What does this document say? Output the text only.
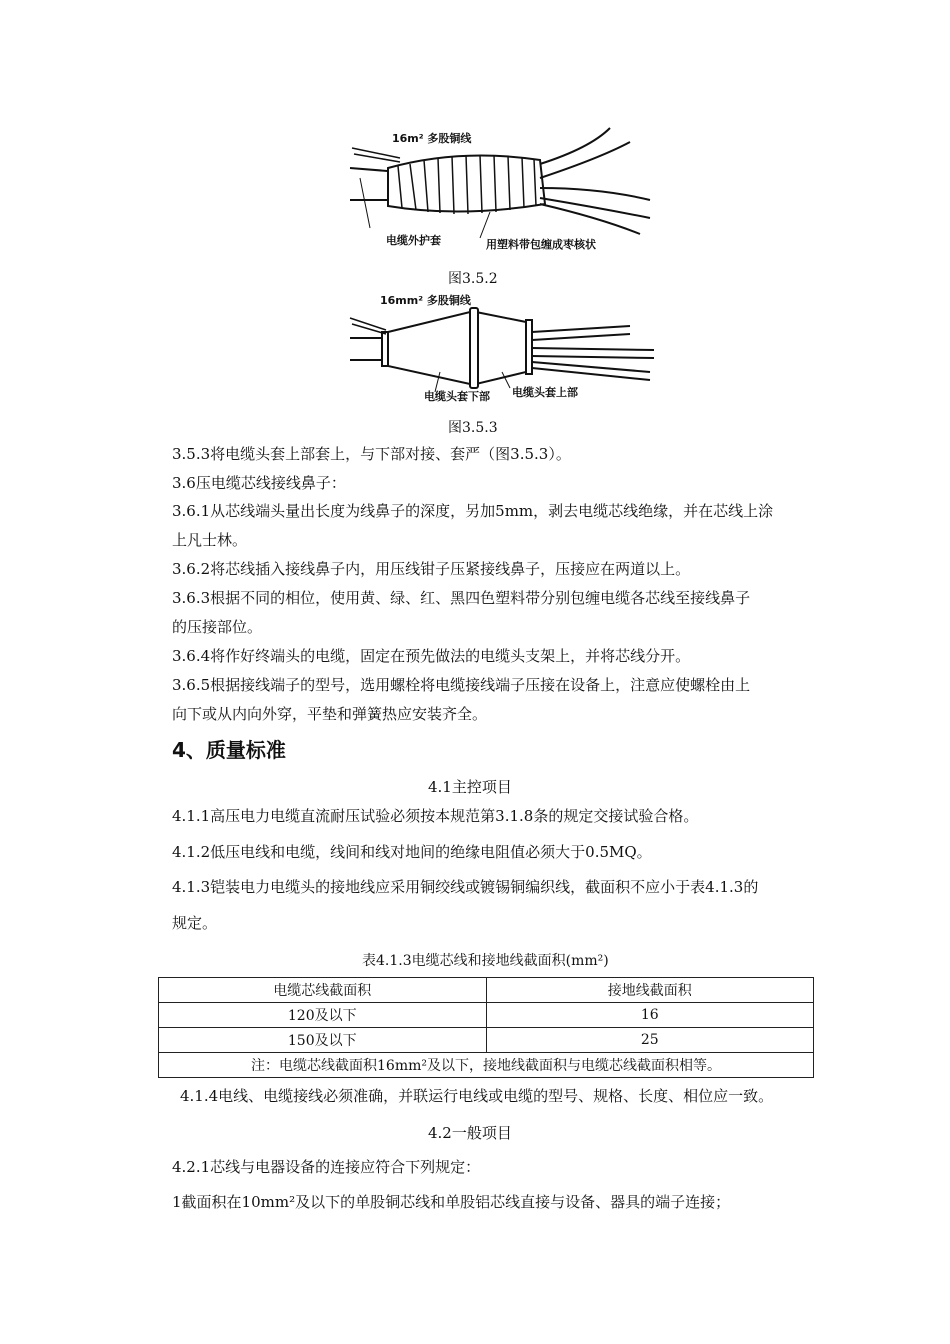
16m² 多股铜线
电缆外护套	用塑料带包缠成枣核状
图3.5.2
16mm² 多股铜线
电缆头套下部 电缆头套上部
图3.5.3
3.5.3将电缆头套上部套上，与下部对接、套严（图3.5.3）。
3.6压电缆芯线接线鼻子：
3.6.1从芯线端头量出长度为线鼻子的深度，另加5mm，剥去电缆芯线绝缘，并在芯线上涂
上凡士林。
3.6.2将芯线插入接线鼻子内，用压线钳子压紧接线鼻子，压接应在两道以上。
3.6.3根据不同的相位，使用黄、绿、红、黑四色塑料带分别包缠电缆各芯线至接线鼻子
的压接部位。
3.6.4将作好终端头的电缆，固定在预先做法的电缆头支架上，并将芯线分开。
3.6.5根据接线端子的型号，选用螺栓将电缆接线端子压接在设备上，注意应使螺栓由上
向下或从内向外穿，平垫和弹簧热应安装齐全。
4、质量标准
4.1主控项目
4.1.1高压电力电缆直流耐压试验必须按本规范第3.1.8条的规定交接试验合格。
4.1.2低压电线和电缆，线间和线对地间的绝缘电阻值必须大于0.5MQ。
4.1.3铠装电力电缆头的接地线应采用铜绞线或镀锡铜编织线，截面积不应小于表4.1.3的
规定。
表4.1.3电缆芯线和接地线截面积(mm²)
电缆芯线截面积	接地线截面积
120及以下	16
150及以下	25
注：电缆芯线截面积16mm²及以下，接地线截面积与电缆芯线截面积相等。	
4.1.4电线、电缆接线必须准确，并联运行电线或电缆的型号、规格、长度、相位应一致。
4.2一般项目
4.2.1芯线与电器设备的连接应符合下列规定：
1截面积在10mm²及以下的单股铜芯线和单股铝芯线直接与设备、器具的端子连接；
